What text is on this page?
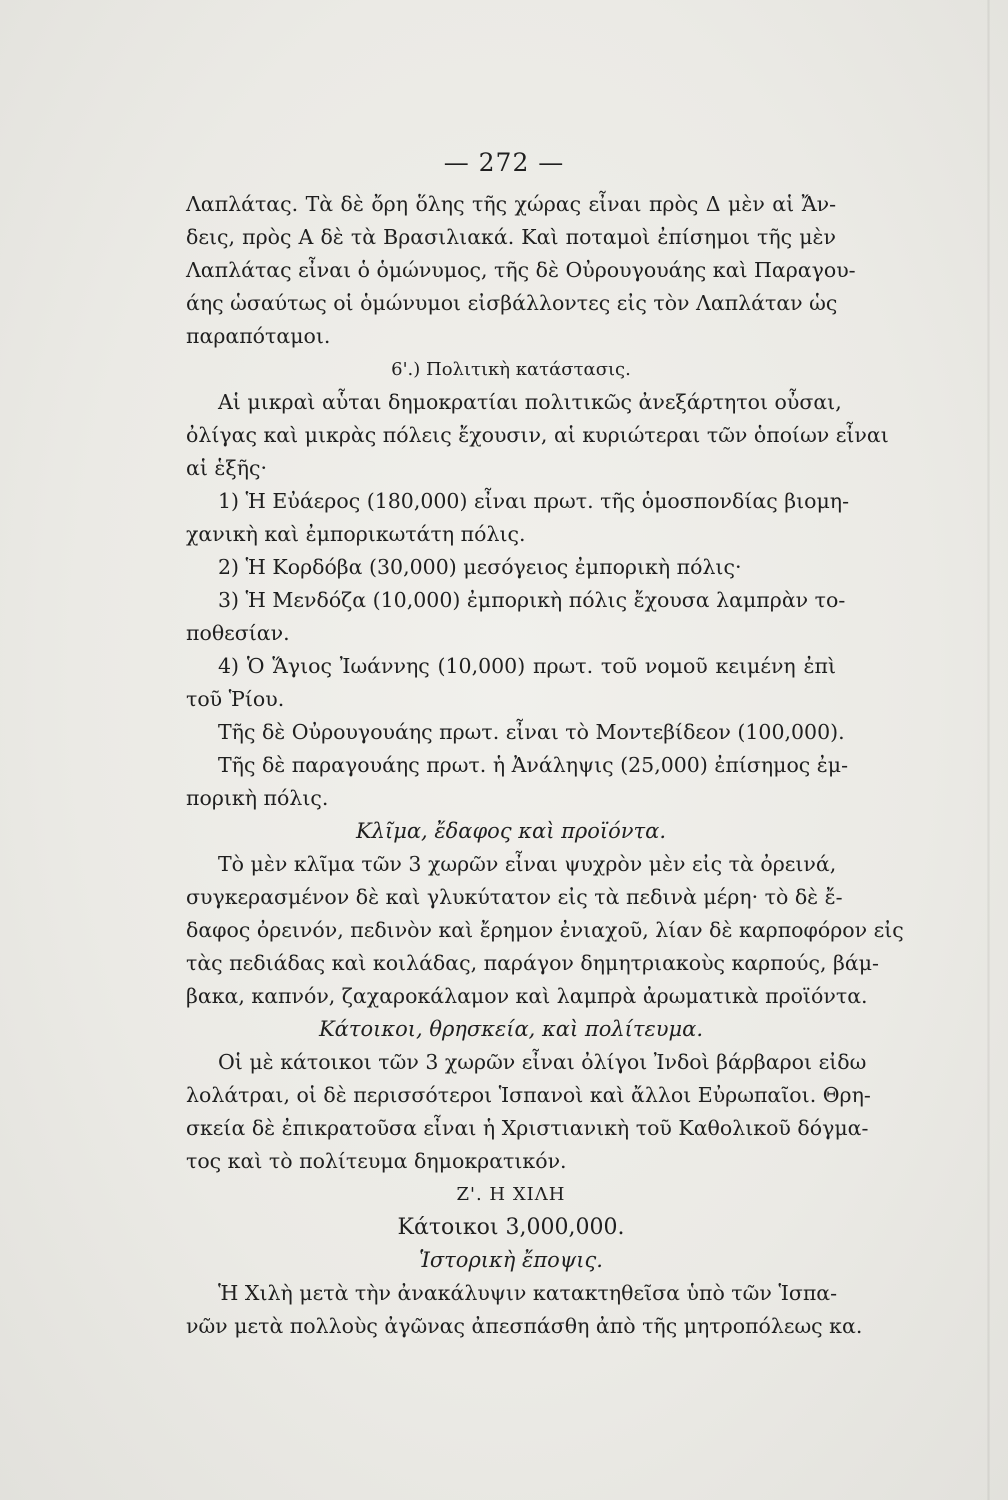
— 272 —
Λαπλάτας. Τὰ δὲ ὄρη ὅλης τῆς χώρας εἶναι πρὸς Δ μὲν αἱ Ἄν-
δεις, πρὸς Α δὲ τὰ Βρασιλιακά. Καὶ ποταμοὶ ἐπίσημοι τῆς μὲν
Λαπλάτας εἶναι ὁ ὁμώνυμος, τῆς δὲ Οὐρουγουάης καὶ Παραγου-
άης ὡσαύτως οἱ ὁμώνυμοι εἰσβάλλοντες εἰς τὸν Λαπλάταν ὡς
παραπόταμοι.
6'.) Πολιτικὴ κατάστασις.
Αἱ μικραὶ αὗται δημοκρατίαι πολιτικῶς ἀνεξάρτητοι οὖσαι,
ὀλίγας καὶ μικρὰς πόλεις ἔχουσιν, αἱ κυριώτεραι τῶν ὁποίων εἶναι
αἱ ἑξῆς·
1) Ἡ Εὐάερος (180,000) εἶναι πρωτ. τῆς ὁμοσπονδίας βιομη-
χανικὴ καὶ ἐμπορικωτάτη πόλις.
2) Ἡ Κορδόβα (30,000) μεσόγειος ἐμπορικὴ πόλις·
3) Ἡ Μενδόζα (10,000) ἐμπορικὴ πόλις ἔχουσα λαμπρὰν το-
ποθεσίαν.
4) Ὁ Ἅγιος Ἰωάννης (10,000) πρωτ. τοῦ νομοῦ κειμένη ἐπὶ
τοῦ Ῥίου.
Τῆς δὲ Οὐρουγουάης πρωτ. εἶναι τὸ Μοντεβίδεον (100,000).
Τῆς δὲ παραγουάης πρωτ. ἡ Ἀνάληψις (25,000) ἐπίσημος ἐμ-
πορικὴ πόλις.
Κλῖμα, ἔδαφος καὶ προϊόντα.
Τὸ μὲν κλῖμα τῶν 3 χωρῶν εἶναι ψυχρὸν μὲν εἰς τὰ ὀρεινά,
συγκερασμένον δὲ καὶ γλυκύτατον εἰς τὰ πεδινὰ μέρη· τὸ δὲ ἔ-
δαφος ὀρεινόν, πεδινὸν καὶ ἔρημον ἐνιαχοῦ, λίαν δὲ καρποφόρον εἰς
τὰς πεδιάδας καὶ κοιλάδας, παράγον δημητριακοὺς καρπούς, βάμ-
βακα, καπνόν, ζαχαροκάλαμον καὶ λαμπρὰ ἀρωματικὰ προϊόντα.
Κάτοικοι, θρησκεία, καὶ πολίτευμα.
Οἱ μὲ κάτοικοι τῶν 3 χωρῶν εἶναι ὀλίγοι Ἰνδοὶ βάρβαροι εἰδω
λολάτραι, οἱ δὲ περισσότεροι Ἱσπανοὶ καὶ ἄλλοι Εὐρωπαῖοι. Θρη-
σκεία δὲ ἐπικρατοῦσα εἶναι ἡ Χριστιανικὴ τοῦ Καθολικοῦ δόγμα-
τος καὶ τὸ πολίτευμα δημοκρατικόν.
Ζ'. Η ΧΙΛΗ
Κάτοικοι 3,000,000.
Ἱστορικὴ ἔποψις.
Ἡ Χιλὴ μετὰ τὴν ἀνακάλυψιν κατακτηθεῖσα ὑπὸ τῶν Ἱσπα-
νῶν μετὰ πολλοὺς ἀγῶνας ἀπεσπάσθη ἀπὸ τῆς μητροπόλεως κα.
